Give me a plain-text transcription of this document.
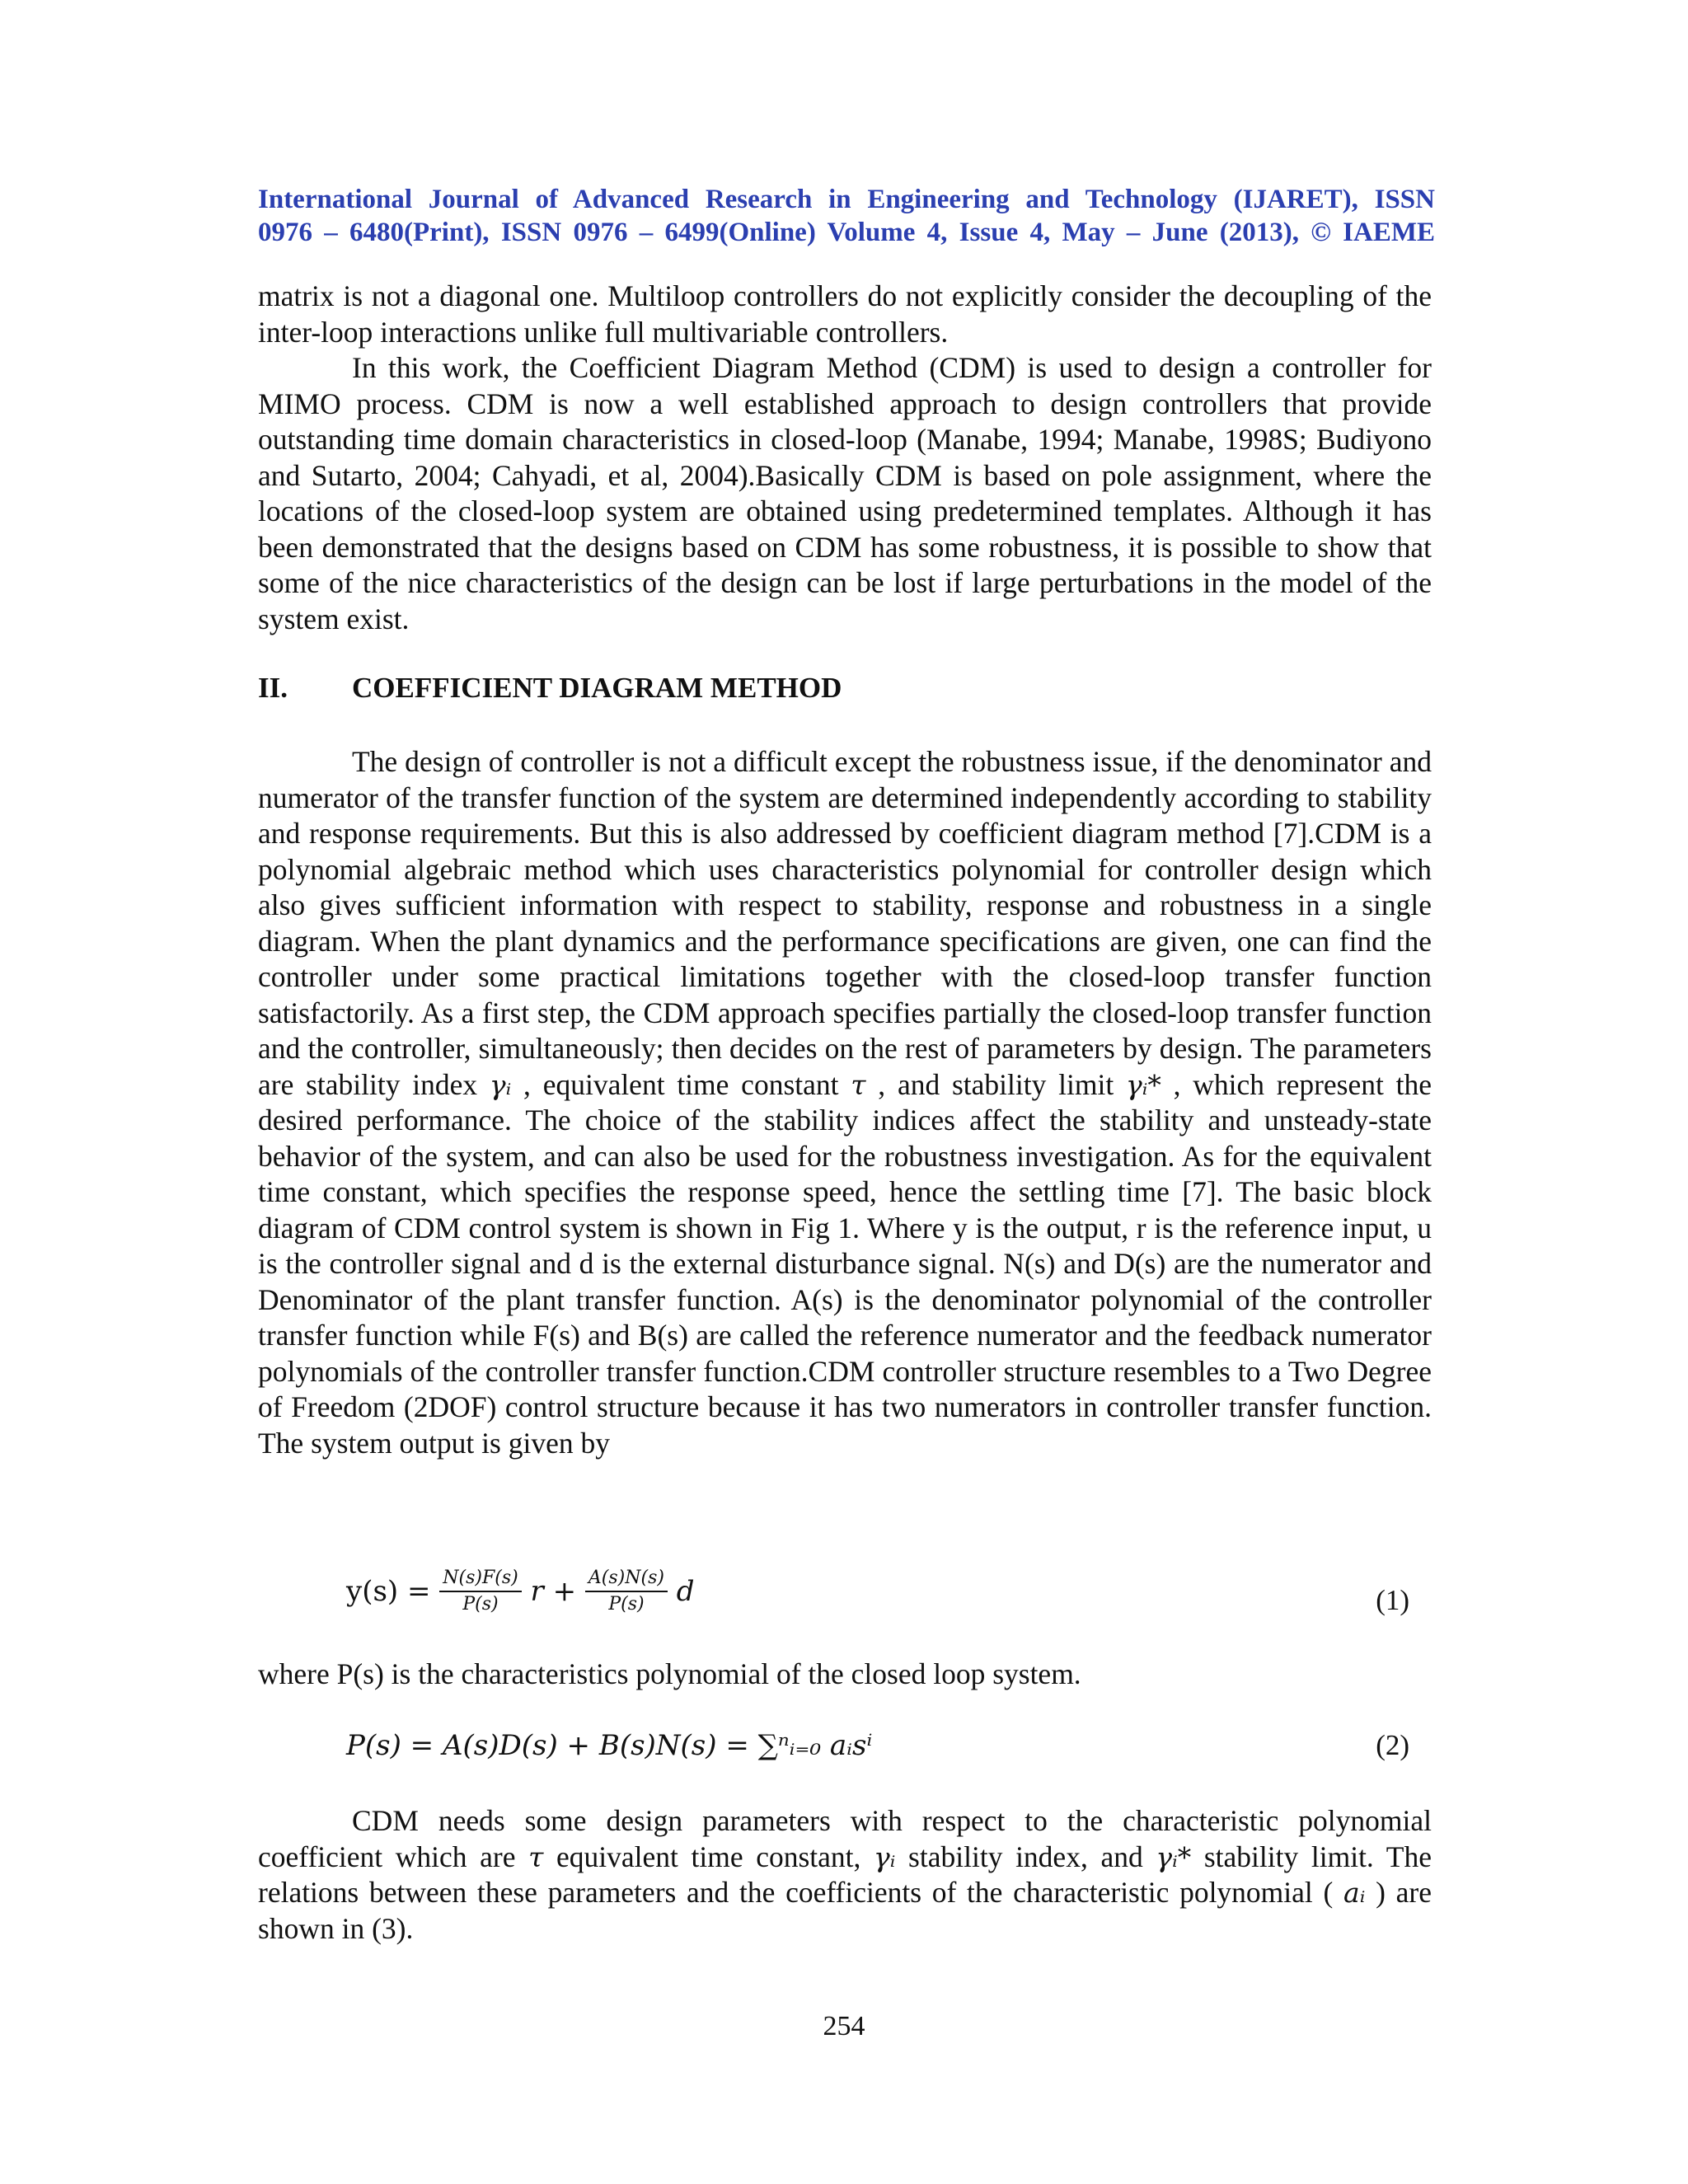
International Journal of Advanced Research in Engineering and Technology (IJARET), ISSN
0976 – 6480(Print), ISSN 0976 – 6499(Online) Volume 4, Issue 4, May – June (2013), © IAEME

matrix is not a diagonal one. Multiloop controllers do not explicitly consider the decoupling of the inter-loop interactions unlike full multivariable controllers.

In this work, the Coefficient Diagram Method (CDM) is used to design a controller for MIMO process. CDM is now a well established approach to design controllers that provide outstanding time domain characteristics in closed-loop (Manabe, 1994; Manabe, 1998S; Budiyono and Sutarto, 2004; Cahyadi, et al, 2004).Basically CDM is based on pole assignment, where the locations of the closed-loop system are obtained using predetermined templates. Although it has been demonstrated that the designs based on CDM has some robustness, it is possible to show that some of the nice characteristics of the design can be lost if large perturbations in the model of the system exist.

II. COEFFICIENT DIAGRAM METHOD

The design of controller is not a difficult except the robustness issue, if the denominator and numerator of the transfer function of the system are determined independently according to stability and response requirements. But this is also addressed by coefficient diagram method [7].CDM is a polynomial algebraic method which uses characteristics polynomial for controller design which also gives sufficient information with respect to stability, response and robustness in a single diagram. When the plant dynamics and the performance specifications are given, one can find the controller under some practical limitations together with the closed-loop transfer function satisfactorily. As a first step, the CDM approach specifies partially the closed-loop transfer function and the controller, simultaneously; then decides on the rest of parameters by design. The parameters are stability index γᵢ , equivalent time constant τ , and stability limit γᵢ* , which represent the desired performance. The choice of the stability indices affect the stability and unsteady-state behavior of the system, and can also be used for the robustness investigation. As for the equivalent time constant, which specifies the response speed, hence the settling time [7]. The basic block diagram of CDM control system is shown in Fig 1. Where y is the output, r is the reference input, u is the controller signal and d is the external disturbance signal. N(s) and D(s) are the numerator and Denominator of the plant transfer function. A(s) is the denominator polynomial of the controller transfer function while F(s) and B(s) are called the reference numerator and the feedback numerator polynomials of the controller transfer function.CDM controller structure resembles to a Two Degree of Freedom (2DOF) control structure because it has two numerators in controller transfer function. The system output is given by

$y(s) = \frac{N(s)F(s)}{P(s)}$ $r + \frac{A(s)N(s)}{P(s)}$ d	(1)

where P(s) is the characteristics polynomial of the closed loop system.

P(s) = A(s)D(s) + B(s)N(s) = ∑ⁿᵢ₌₀ aᵢsⁱ	(2)

CDM needs some design parameters with respect to the characteristic polynomial coefficient which are τ equivalent time constant, γᵢ stability index, and γᵢ* stability limit. The relations between these parameters and the coefficients of the characteristic polynomial ( aᵢ ) are shown in (3).

254
